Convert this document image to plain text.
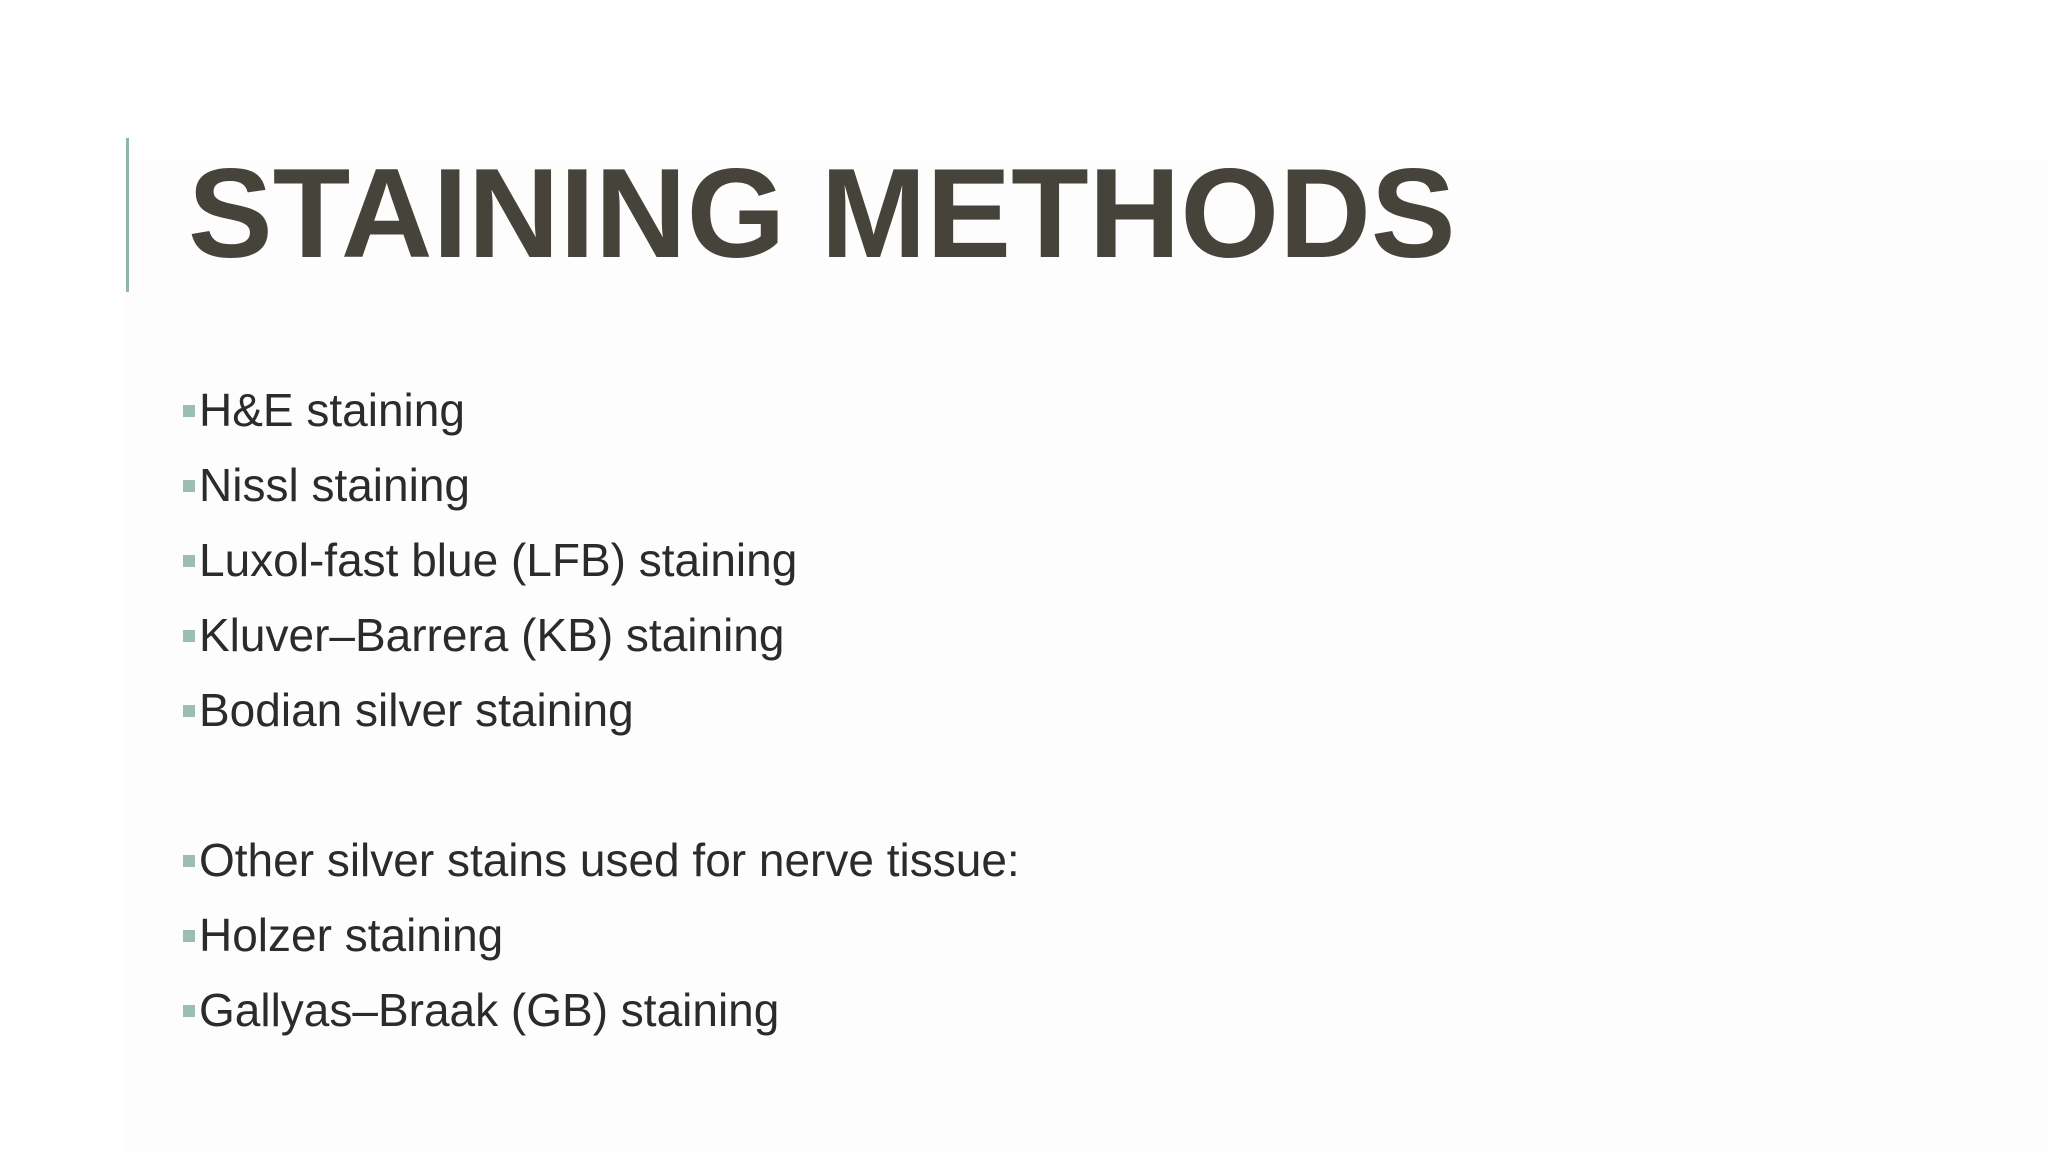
STAINING METHODS
H&E staining
Nissl staining
Luxol-fast blue (LFB) staining
Kluver–Barrera (KB) staining
Bodian silver staining
Other silver stains used for nerve tissue:
Holzer staining
Gallyas–Braak (GB) staining
